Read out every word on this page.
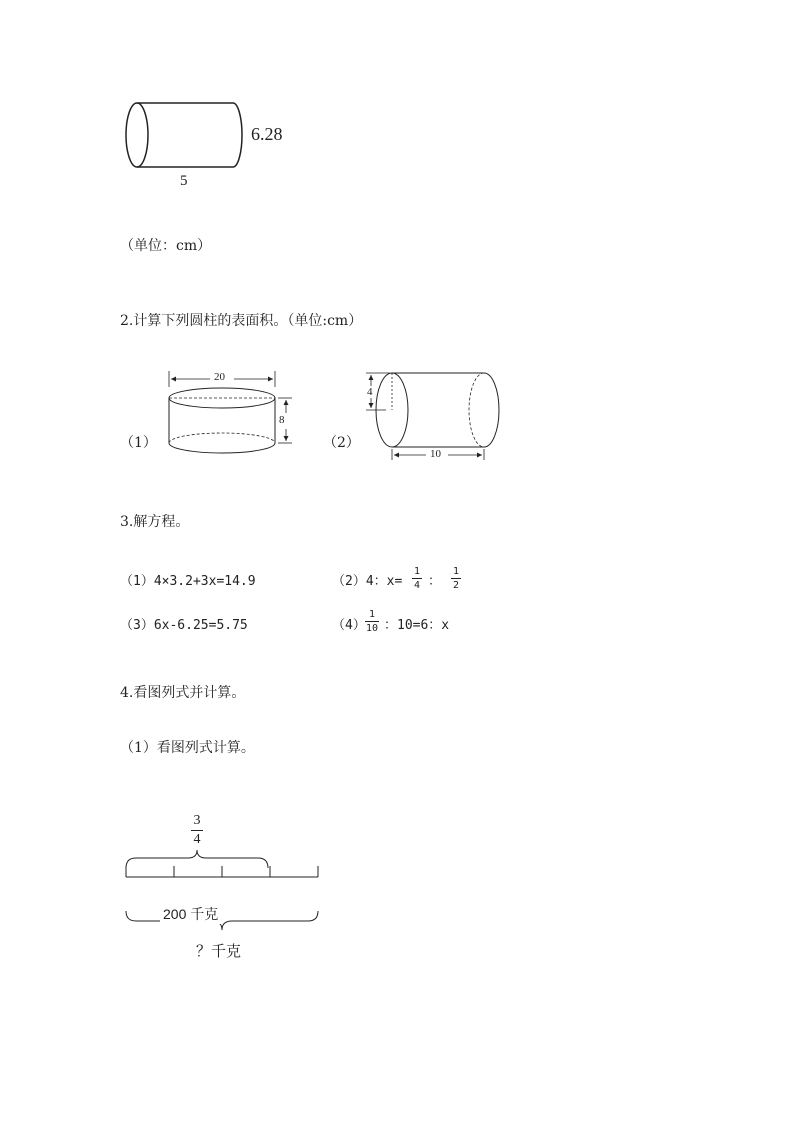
6.28
5
（单位：cm）
2.计算下列圆柱的表面积。（单位:cm）
（1）
20
8
（2）
4
10
3.解方程。
（1）4×3.2+3x=14.9	（2）4：x=
1
4 ：
1
2
（3）6x-6.25=5.75	（4）
1
10 ：10=6：x
4.看图列式并计算。
（1）看图列式计算。
3
4
200 千克
？千克
